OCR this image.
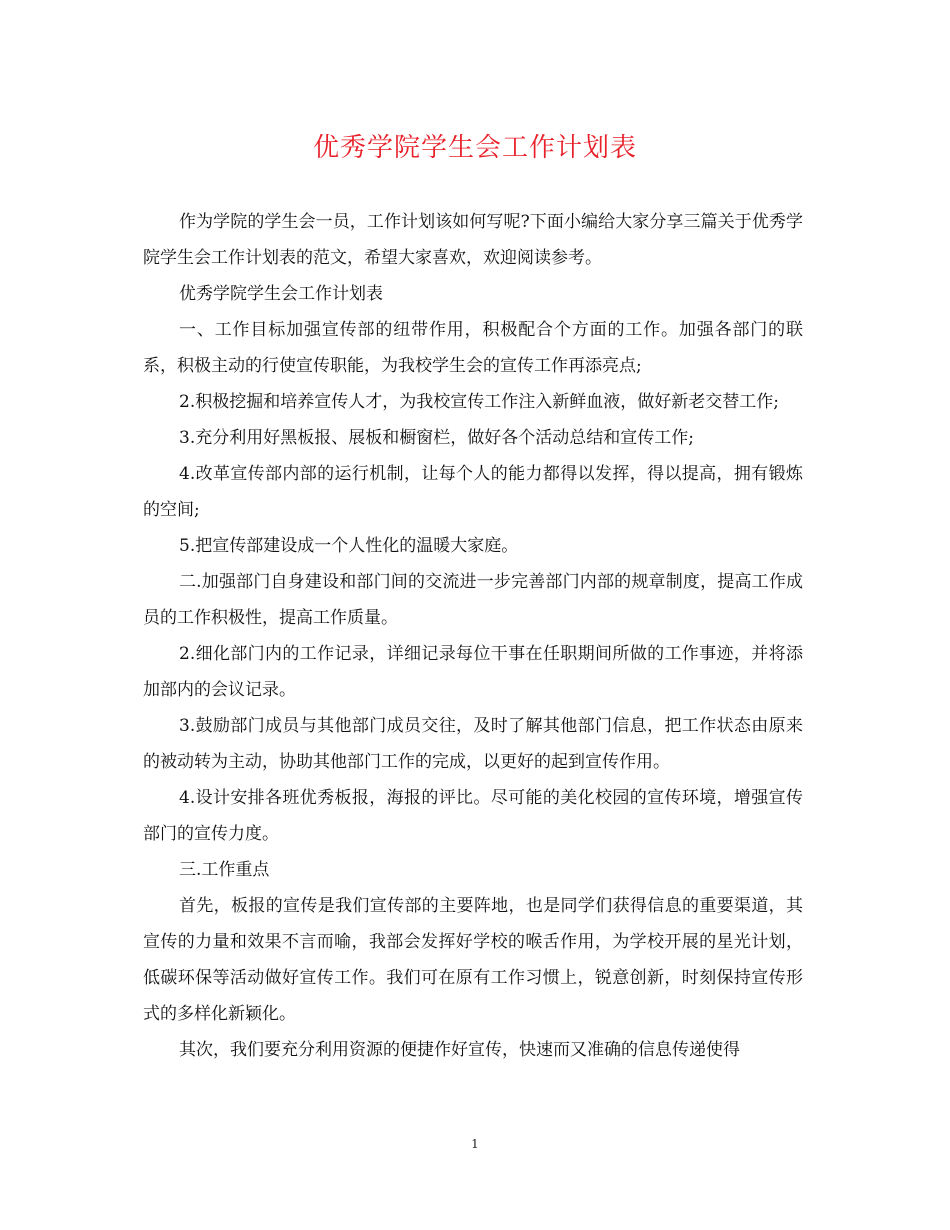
优秀学院学生会工作计划表

作为学院的学生会一员，工作计划该如何写呢?下面小编给大家分享三篇关于优秀学院学生会工作计划表的范文，希望大家喜欢，欢迎阅读参考。

优秀学院学生会工作计划表

一、工作目标加强宣传部的纽带作用，积极配合个方面的工作。加强各部门的联系，积极主动的行使宣传职能，为我校学生会的宣传工作再添亮点;

2.积极挖掘和培养宣传人才，为我校宣传工作注入新鲜血液，做好新老交替工作;

3.充分利用好黑板报、展板和橱窗栏，做好各个活动总结和宣传工作;

4.改革宣传部内部的运行机制，让每个人的能力都得以发挥，得以提高，拥有锻炼的空间;

5.把宣传部建设成一个人性化的温暖大家庭。

二.加强部门自身建设和部门间的交流进一步完善部门内部的规章制度，提高工作成员的工作积极性，提高工作质量。

2.细化部门内的工作记录，详细记录每位干事在任职期间所做的工作事迹，并将添加部内的会议记录。

3.鼓励部门成员与其他部门成员交往，及时了解其他部门信息，把工作状态由原来的被动转为主动，协助其他部门工作的完成，以更好的起到宣传作用。

4.设计安排各班优秀板报，海报的评比。尽可能的美化校园的宣传环境，增强宣传部门的宣传力度。

三.工作重点

首先，板报的宣传是我们宣传部的主要阵地，也是同学们获得信息的重要渠道，其宣传的力量和效果不言而喻，我部会发挥好学校的喉舌作用，为学校开展的星光计划，低碳环保等活动做好宣传工作。我们可在原有工作习惯上，锐意创新，时刻保持宣传形式的多样化新颖化。

其次，我们要充分利用资源的便捷作好宣传，快速而又准确的信息传递使得

1
